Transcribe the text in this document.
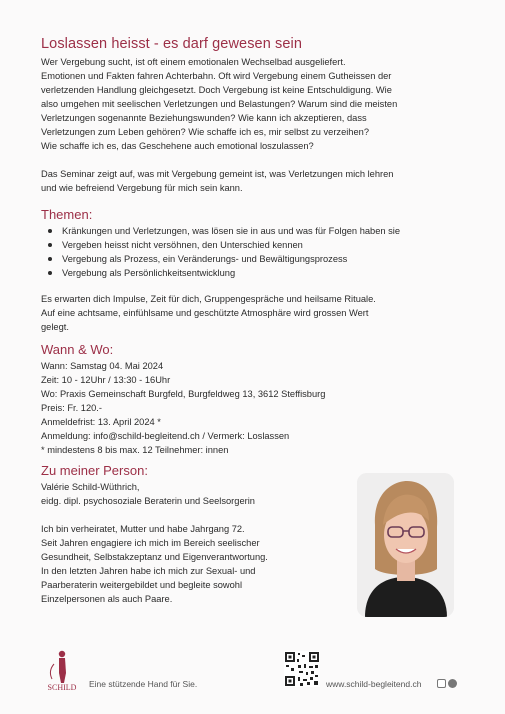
Loslassen heisst - es darf gewesen sein
Wer Vergebung sucht, ist oft einem emotionalen Wechselbad ausgeliefert.
Emotionen und Fakten fahren Achterbahn. Oft wird Vergebung einem Gutheissen der
verletzenden Handlung gleichgesetzt. Doch Vergebung ist keine Entschuldigung. Wie
also umgehen mit seelischen Verletzungen und Belastungen? Warum sind die meisten
Verletzungen sogenannte Beziehungswunden? Wie kann ich akzeptieren, dass
Verletzungen zum Leben gehören? Wie schaffe ich es, mir selbst zu verzeihen?
Wie schaffe ich es, das Geschehene auch emotional loszulassen?
Das Seminar zeigt auf, was mit Vergebung gemeint ist, was Verletzungen mich lehren
und wie befreiend Vergebung für mich sein kann.
Themen:
Kränkungen und Verletzungen, was lösen sie in aus und was für Folgen haben sie
Vergeben heisst nicht versöhnen, den Unterschied kennen
Vergebung als Prozess, ein Veränderungs- und Bewältigungsprozess
Vergebung als Persönlichkeitsentwicklung
Es erwarten dich Impulse, Zeit für dich, Gruppengespräche und heilsame Rituale.
Auf eine achtsame, einfühlsame und geschützte Atmosphäre wird grossen Wert
gelegt.
Wann & Wo:
Wann: Samstag 04. Mai 2024
Zeit: 10 - 12Uhr / 13:30 - 16Uhr
Wo: Praxis Gemeinschaft Burgfeld, Burgfeldweg 13, 3612 Steffisburg
Preis: Fr. 120.-
Anmeldefrist: 13. April 2024 *
Anmeldung: info@schild-begleitend.ch / Vermerk: Loslassen
* mindestens 8 bis max. 12 Teilnehmer: innen
Zu meiner Person:
Valérie Schild-Wüthrich,
eidg. dipl. psychosoziale Beraterin und Seelsorgerin
Ich bin verheiratet, Mutter und habe Jahrgang 72.
Seit Jahren engagiere ich mich im Bereich seelischer
Gesundheit, Selbstakzeptanz und Eigenverantwortung.
In den letzten Jahren habe ich mich zur Sexual- und
Paarberaterin weitergebildet und begleite sowohl
Einzelpersonen als auch Paare.
SCHILD Eine stützende Hand für Sie.	www.schild-begleitend.ch
